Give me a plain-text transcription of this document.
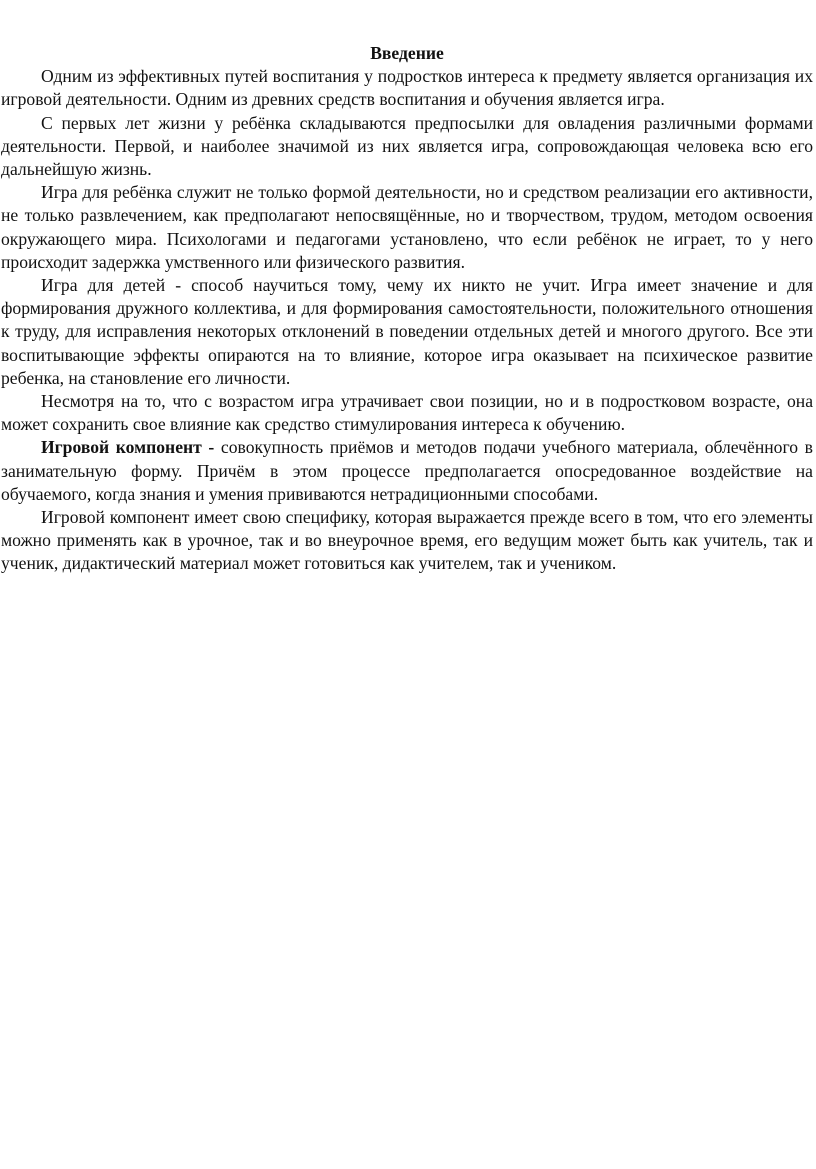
Введение

Одним из эффективных путей воспитания у подростков интереса к предмету является организация их игровой деятельности. Одним из древних средств воспитания и обучения является игра.

С первых лет жизни у ребёнка складываются предпосылки для овладения различными формами деятельности. Первой, и наиболее значимой из них является игра, сопровождающая человека всю его дальнейшую жизнь.

Игра для ребёнка служит не только формой деятельности, но и средством реализации его активности, не только развлечением, как предполагают непосвящённые, но и творчеством, трудом, методом освоения окружающего мира. Психологами и педагогами установлено, что если ребёнок не играет, то у него происходит задержка умственного или физического развития.

Игра для детей - способ научиться тому, чему их никто не учит. Игра имеет значение и для формирования дружного коллектива, и для формирования самостоятельности, положительного отношения к труду, для исправления некоторых отклонений в поведении отдельных детей и многого другого. Все эти воспитывающие эффекты опираются на то влияние, которое игра оказывает на психическое развитие ребенка, на становление его личности.

Несмотря на то, что с возрастом игра утрачивает свои позиции, но и в подростковом возрасте, она может сохранить свое влияние как средство стимулирования интереса к обучению.

Игровой компонент - совокупность приёмов и методов подачи учебного материала, облечённого в занимательную форму. Причём в этом процессе предполагается опосредованное воздействие на обучаемого, когда знания и умения прививаются нетрадиционными способами.

Игровой компонент имеет свою специфику, которая выражается прежде всего в том, что его элементы можно применять как в урочное, так и во внеурочное время, его ведущим может быть как учитель, так и ученик, дидактический материал может готовиться как учителем, так и учеником.
